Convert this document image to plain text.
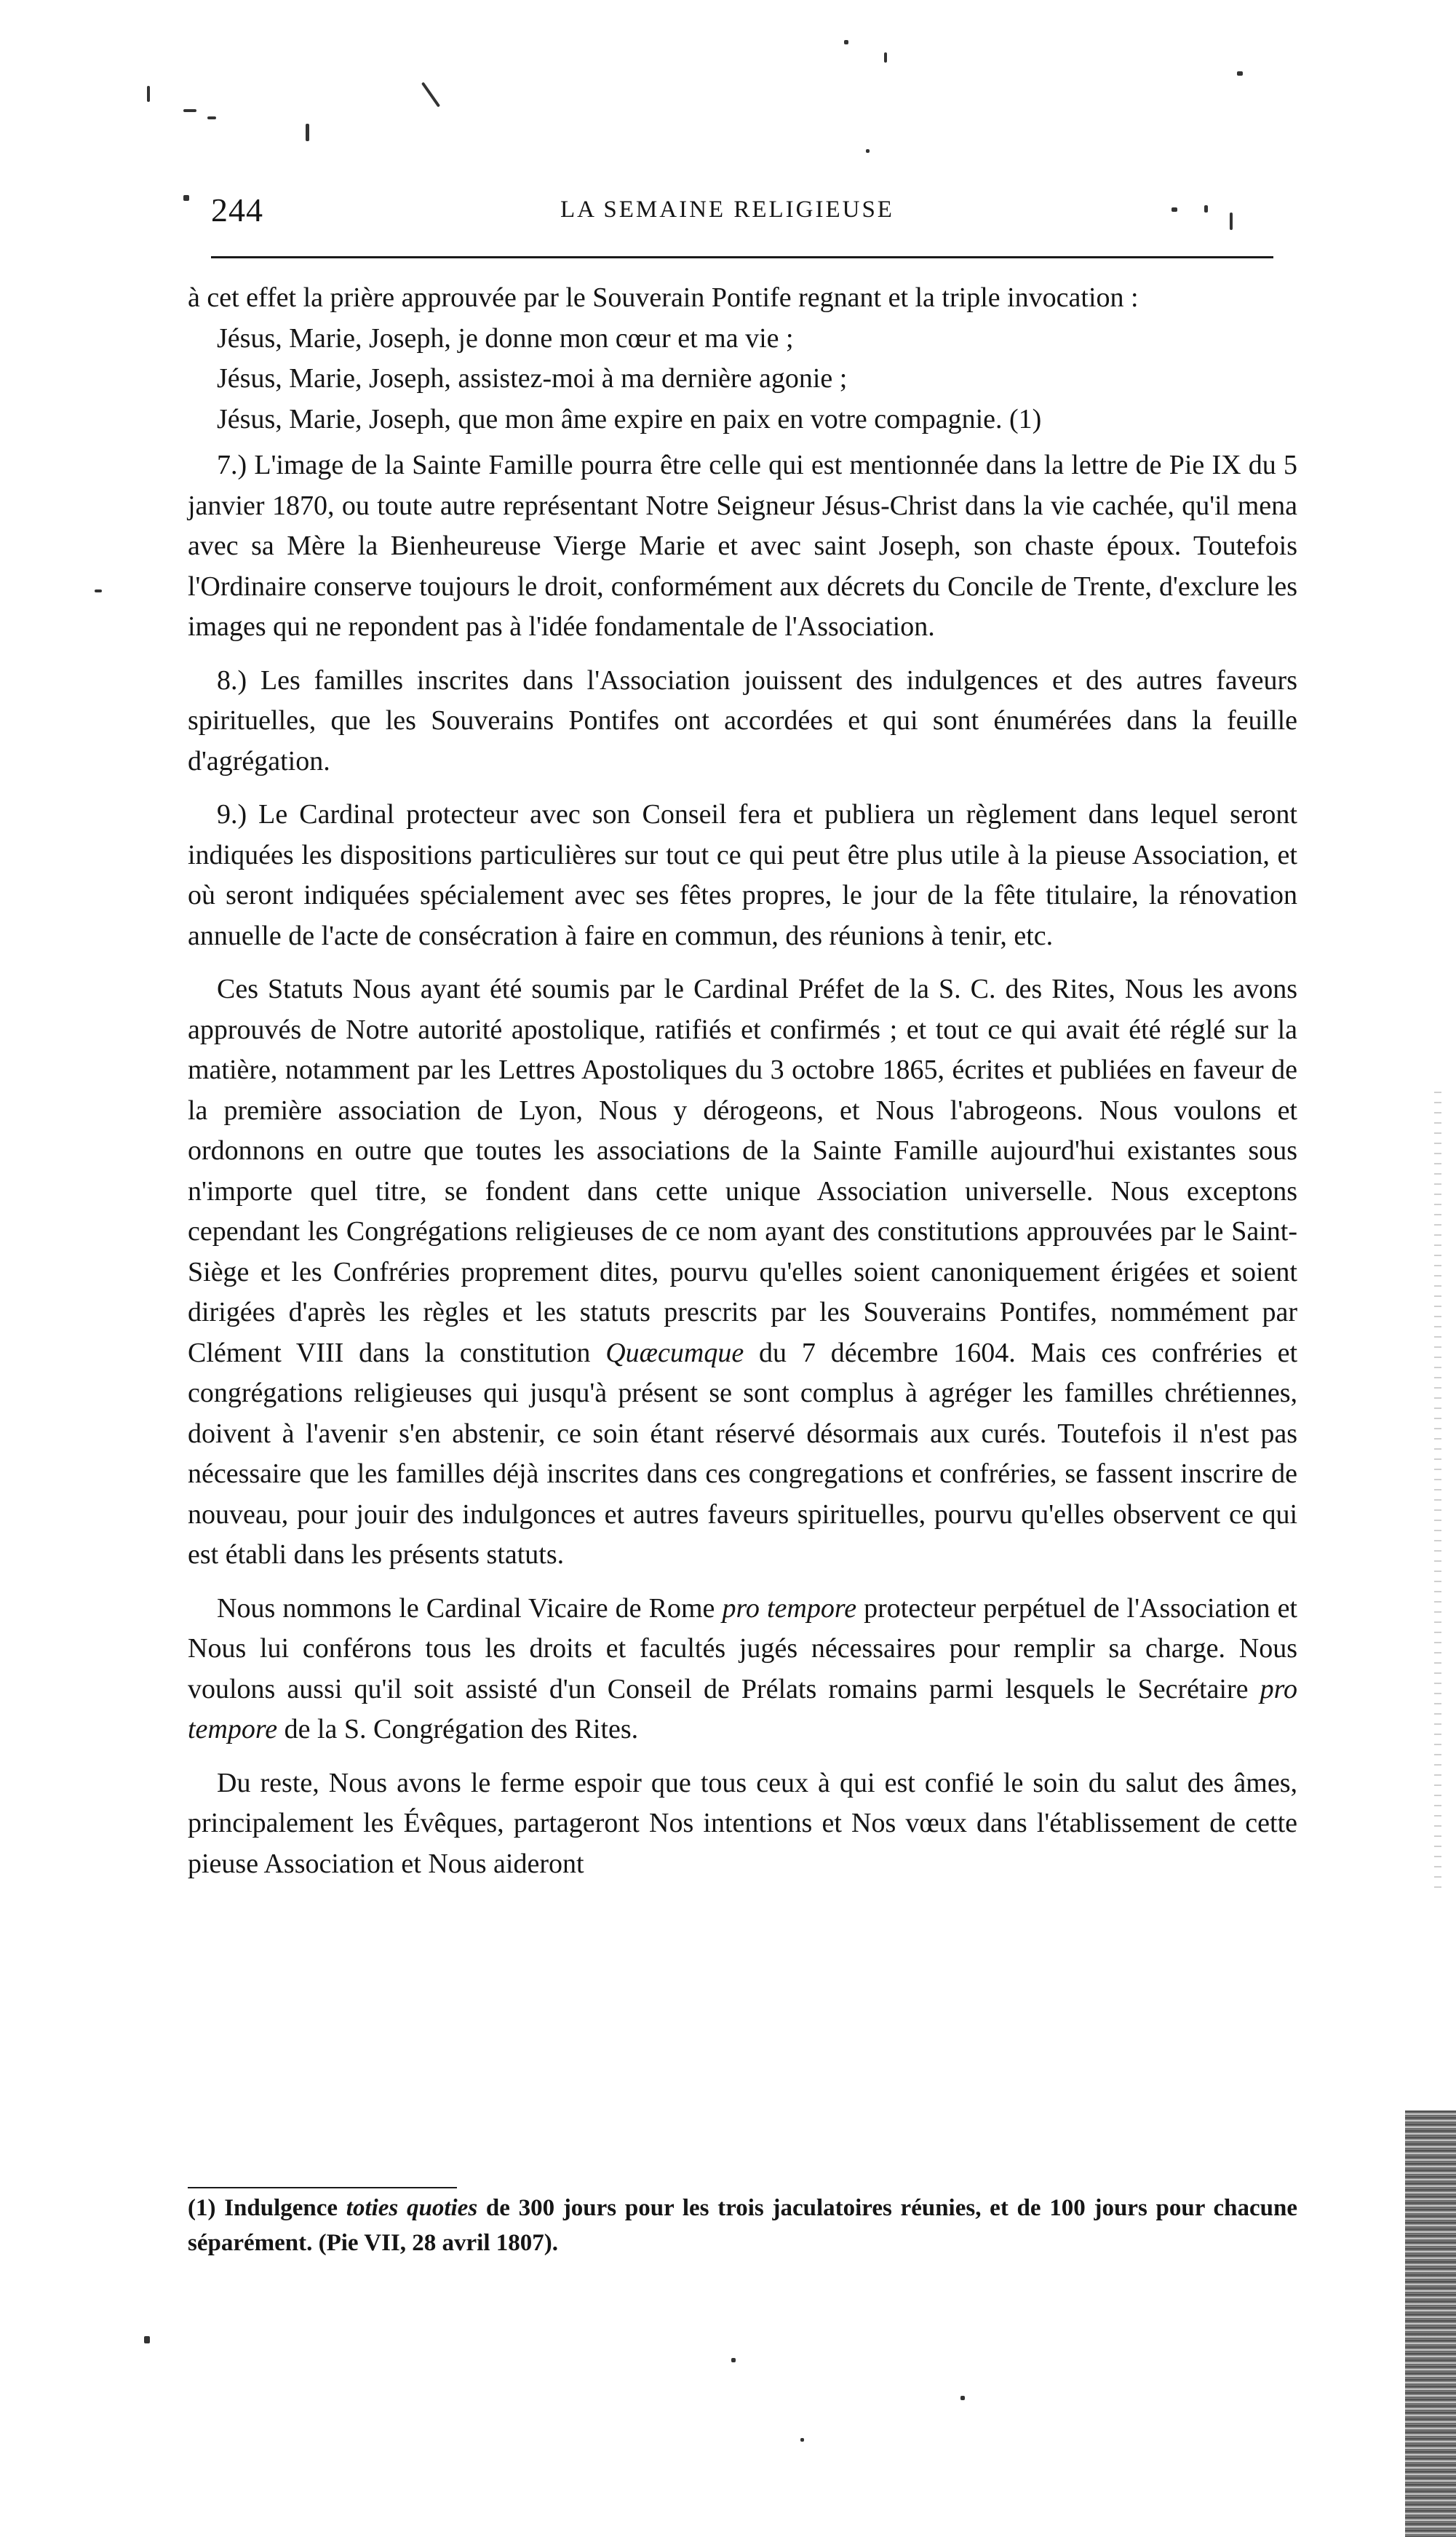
244	LA SEMAINE RELIGIEUSE

à cet effet la prière approuvée par le Souverain Pontife regnant et la triple invocation :

Jésus, Marie, Joseph, je donne mon cœur et ma vie ;
Jésus, Marie, Joseph, assistez-moi à ma dernière agonie ;
Jésus, Marie, Joseph, que mon âme expire en paix en votre compagnie. (1)

7.) L'image de la Sainte Famille pourra être celle qui est mentionnée dans la lettre de Pie IX du 5 janvier 1870, ou toute autre représentant Notre Seigneur Jésus-Christ dans la vie cachée, qu'il mena avec sa Mère la Bienheureuse Vierge Marie et avec saint Joseph, son chaste époux. Toutefois l'Ordinaire conserve toujours le droit, conformément aux décrets du Concile de Trente, d'exclure les images qui ne repondent pas à l'idée fondamentale de l'Association.

8.) Les familles inscrites dans l'Association jouissent des indulgences et des autres faveurs spirituelles, que les Souverains Pontifes ont accordées et qui sont énumérées dans la feuille d'agrégation.

9.) Le Cardinal protecteur avec son Conseil fera et publiera un règlement dans lequel seront indiquées les dispositions particulières sur tout ce qui peut être plus utile à la pieuse Association, et où seront indiquées spécialement avec ses fêtes propres, le jour de la fête titulaire, la rénovation annuelle de l'acte de consécration à faire en commun, des réunions à tenir, etc.

Ces Statuts Nous ayant été soumis par le Cardinal Préfet de la S. C. des Rites, Nous les avons approuvés de Notre autorité apostolique, ratifiés et confirmés ; et tout ce qui avait été réglé sur la matière, notamment par les Lettres Apostoliques du 3 octobre 1865, écrites et publiées en faveur de la première association de Lyon, Nous y dérogeons, et Nous l'abrogeons. Nous voulons et ordonnons en outre que toutes les associations de la Sainte Famille aujourd'hui existantes sous n'importe quel titre, se fondent dans cette unique Association universelle. Nous exceptons cependant les Congrégations religieuses de ce nom ayant des constitutions approuvées par le Saint-Siège et les Confréries proprement dites, pourvu qu'elles soient canoniquement érigées et soient dirigées d'après les règles et les statuts prescrits par les Souverains Pontifes, nommément par Clément VIII dans la constitution Quæcumque du 7 décembre 1604. Mais ces confréries et congrégations religieuses qui jusqu'à présent se sont complus à agréger les familles chrétiennes, doivent à l'avenir s'en abstenir, ce soin étant réservé désormais aux curés. Toutefois il n'est pas nécessaire que les familles déjà inscrites dans ces congregations et confréries, se fassent inscrire de nouveau, pour jouir des indulgonces et autres faveurs spirituelles, pourvu qu'elles observent ce qui est établi dans les présents statuts.

Nous nommons le Cardinal Vicaire de Rome pro tempore protecteur perpétuel de l'Association et Nous lui conférons tous les droits et facultés jugés nécessaires pour remplir sa charge. Nous voulons aussi qu'il soit assisté d'un Conseil de Prélats romains parmi lesquels le Secrétaire pro tempore de la S. Congrégation des Rites.

Du reste, Nous avons le ferme espoir que tous ceux à qui est confié le soin du salut des âmes, principalement les Évêques, partageront Nos intentions et Nos vœux dans l'établissement de cette pieuse Association et Nous aideront

(1) Indulgence toties quoties de 300 jours pour les trois jaculatoires réunies, et de 100 jours pour chacune séparément. (Pie VII, 28 avril 1807).
